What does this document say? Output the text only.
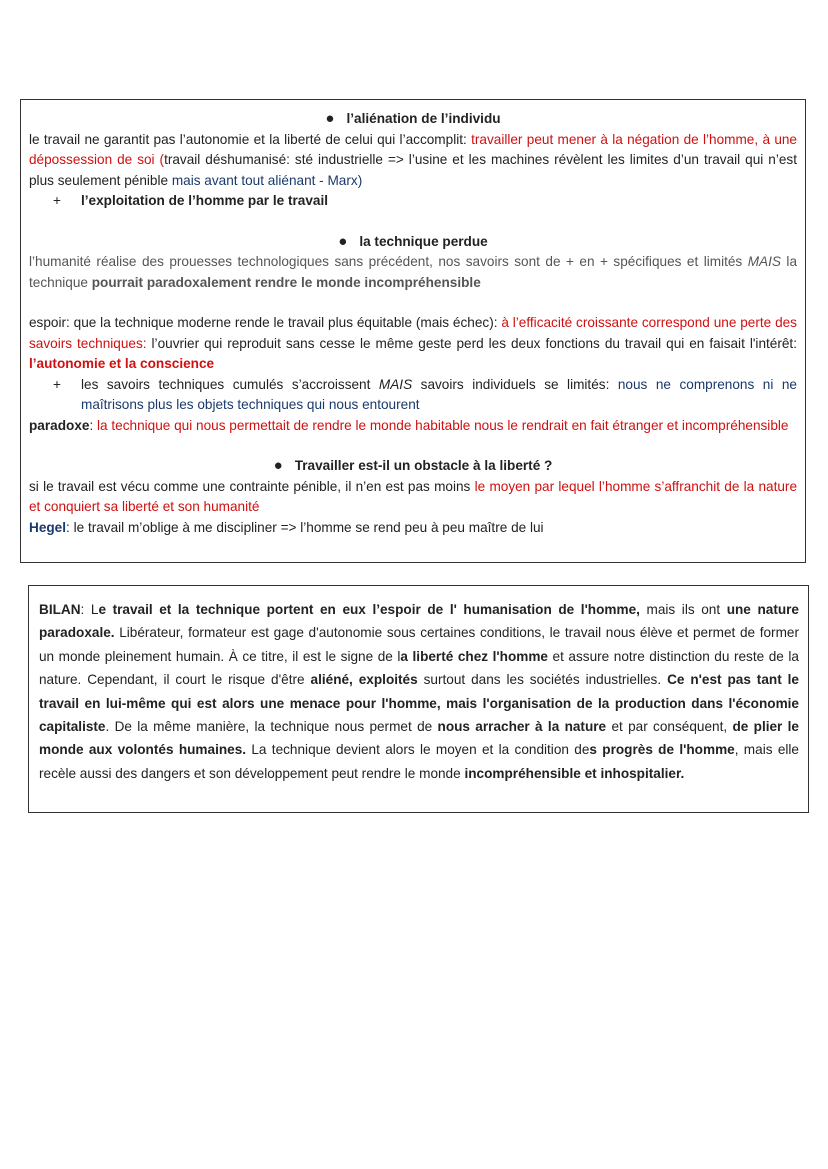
● l’aliénation de l’individu

le travail ne garantit pas l’autonomie et la liberté de celui qui l’accomplit: travailler peut mener à la négation de l’homme, à une dépossession de soi (travail déshumanisé: sté industrielle => l’usine et les machines révèlent les limites d’un travail qui n’est plus seulement pénible mais avant tout aliénant - Marx)

+	l’exploitation de l’homme par le travail

● la technique perdue

l’humanité réalise des prouesses technologiques sans précédent, nos savoirs sont de + en + spécifiques et limités MAIS la technique pourrait paradoxalement rendre le monde incompréhensible

espoir: que la technique moderne rende le travail plus équitable (mais échec): à l’efficacité croissante correspond une perte des savoirs techniques: l’ouvrier qui reproduit sans cesse le même geste perd les deux fonctions du travail qui en faisait l'intérêt: l’autonomie et la conscience

+	les savoirs techniques cumulés s’accroissent MAIS savoirs individuels se limités: nous ne comprenons ni ne maîtrisons plus les objets techniques qui nous entourent

paradoxe: la technique qui nous permettait de rendre le monde habitable nous le rendrait en fait étranger et incompréhensible

● Travailler est-il un obstacle à la liberté ?

si le travail est vécu comme une contrainte pénible, il n’en est pas moins le moyen par lequel l’homme s’affranchit de la nature et conquiert sa liberté et son humanité

Hegel: le travail m’oblige à me discipliner => l’homme se rend peu à peu maître de lui

BILAN: Le travail et la technique portent en eux l’espoir de l' humanisation de l'homme, mais ils ont une nature paradoxale. Libérateur, formateur est gage d'autonomie sous certaines conditions, le travail nous élève et permet de former un monde pleinement humain. À ce titre, il est le signe de la liberté chez l'homme et assure notre distinction du reste de la nature. Cependant, il court le risque d'être aliéné, exploités surtout dans les sociétés industrielles. Ce n'est pas tant le travail en lui-même qui est alors une menace pour l'homme, mais l'organisation de la production dans l'économie capitaliste. De la même manière, la technique nous permet de nous arracher à la nature et par conséquent, de plier le monde aux volontés humaines. La technique devient alors le moyen et la condition des progrès de l'homme, mais elle recèle aussi des dangers et son développement peut rendre le monde incompréhensible et inhospitalier.
